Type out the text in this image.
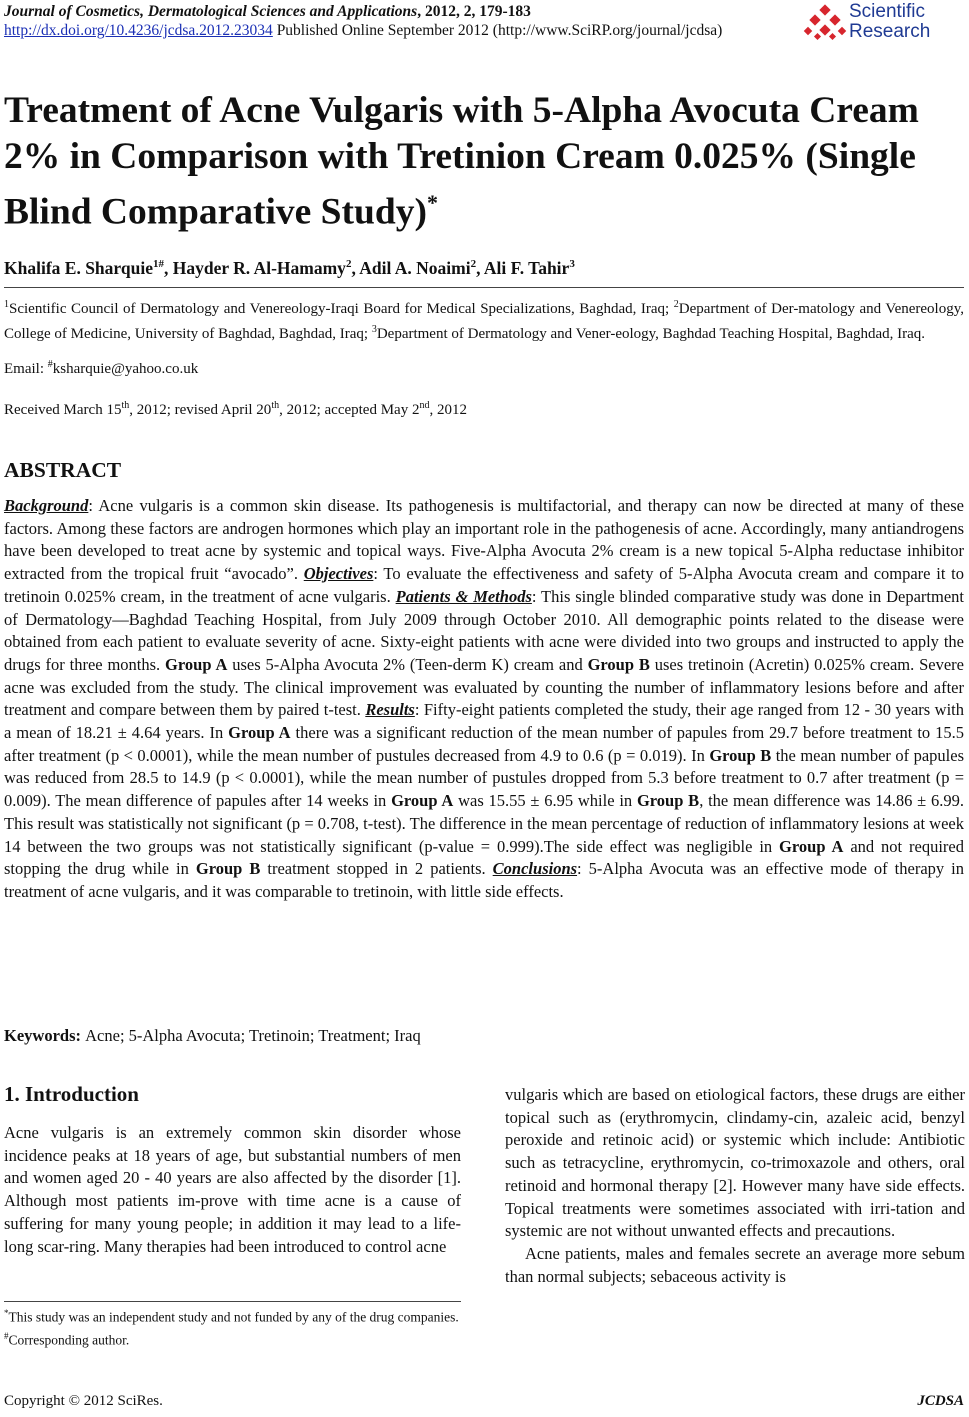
Journal of Cosmetics, Dermatological Sciences and Applications, 2012, 2, 179-183
http://dx.doi.org/10.4236/jcdsa.2012.23034 Published Online September 2012 (http://www.SciRP.org/journal/jcdsa)
Scientific
Research
Treatment of Acne Vulgaris with 5-Alpha Avocuta Cream
2% in Comparison with Tretinion Cream 0.025% (Single
Blind Comparative Study)*
Khalifa E. Sharquie$^{1\#}$, Hayder R. Al-Hamamy$^2$, Adil A. Noaimi$^2$, Ali F. Tahir$^3$
$^1$Scientific Council of Dermatology and Venereology-Iraqi Board for Medical Specializations, Baghdad, Iraq; $^2$Department of Der-matology and Venereology, College of Medicine, University of Baghdad, Baghdad, Iraq; $^3$Department of Dermatology and Vener-eology, Baghdad Teaching Hospital, Baghdad, Iraq.
Email: #ksharquie@yahoo.co.uk
Received March 15th, 2012; revised April 20th, 2012; accepted May 2nd, 2012
ABSTRACT
Background: Acne vulgaris is a common skin disease. Its pathogenesis is multifactorial, and therapy can now be directed at many of these factors. Among these factors are androgen hormones which play an important role in the pathogenesis of acne. Accordingly, many antiandrogens have been developed to treat acne by systemic and topical ways. Five-Alpha Avocuta 2% cream is a new topical 5-Alpha reductase inhibitor extracted from the tropical fruit “avocado”. Objectives: To evaluate the effectiveness and safety of 5-Alpha Avocuta cream and compare it to tretinoin 0.025% cream, in the treatment of acne vulgaris. Patients & Methods: This single blinded comparative study was done in Department of Dermatology—Baghdad Teaching Hospital, from July 2009 through October 2010. All demographic points related to the disease were obtained from each patient to evaluate severity of acne. Sixty-eight patients with acne were divided into two groups and instructed to apply the drugs for three months. Group A uses 5-Alpha Avocuta 2% (Teen-derm K) cream and Group B uses tretinoin (Acretin) 0.025% cream. Severe acne was excluded from the study. The clinical improvement was evaluated by counting the number of inflammatory lesions before and after treatment and compare between them by paired t-test. Results: Fifty-eight patients completed the study, their age ranged from 12 - 30 years with a mean of 18.21 ± 4.64 years. In Group A there was a significant reduction of the mean number of papules from 29.7 before treatment to 15.5 after treatment (p < 0.0001), while the mean number of pustules decreased from 4.9 to 0.6 (p = 0.019). In Group B the mean number of papules was reduced from 28.5 to 14.9 (p < 0.0001), while the mean number of pustules dropped from 5.3 before treatment to 0.7 after treatment (p = 0.009). The mean difference of papules after 14 weeks in Group A was 15.55 ± 6.95 while in Group B, the mean difference was 14.86 ± 6.99. This result was statistically not significant (p = 0.708, t-test). The difference in the mean percentage of reduction of inflammatory lesions at week 14 between the two groups was not statistically significant (p-value = 0.999).The side effect was negligible in Group A and not required stopping the drug while in Group B treatment stopped in 2 patients. Conclusions: 5-Alpha Avocuta was an effective mode of therapy in treatment of acne vulgaris, and it was comparable to tretinoin, with little side effects.
Keywords: Acne; 5-Alpha Avocuta; Tretinoin; Treatment; Iraq
1. Introduction
Acne vulgaris is an extremely common skin disorder whose incidence peaks at 18 years of age, but substantial numbers of men and women aged 20 - 40 years are also affected by the disorder [1]. Although most patients im-prove with time acne is a cause of suffering for many young people; in addition it may lead to a life-long scar-ring. Many therapies had been introduced to control acne

vulgaris which are based on etiological factors, these drugs are either topical such as (erythromycin, clindamy-cin, azaleic acid, benzyl peroxide and retinoic acid) or systemic which include: Antibiotic such as tetracycline, erythromycin, co-trimoxazole and others, oral retinoid and hormonal therapy [2]. However many have side effects. Topical treatments were sometimes associated with irri-tation and systemic are not without unwanted effects and precautions.

Acne patients, males and females secrete an average more sebum than normal subjects; sebaceous activity is

*This study was an independent study and not funded by any of the drug companies.
#Corresponding author.
Copyright © 2012 SciRes.	JCDSA
